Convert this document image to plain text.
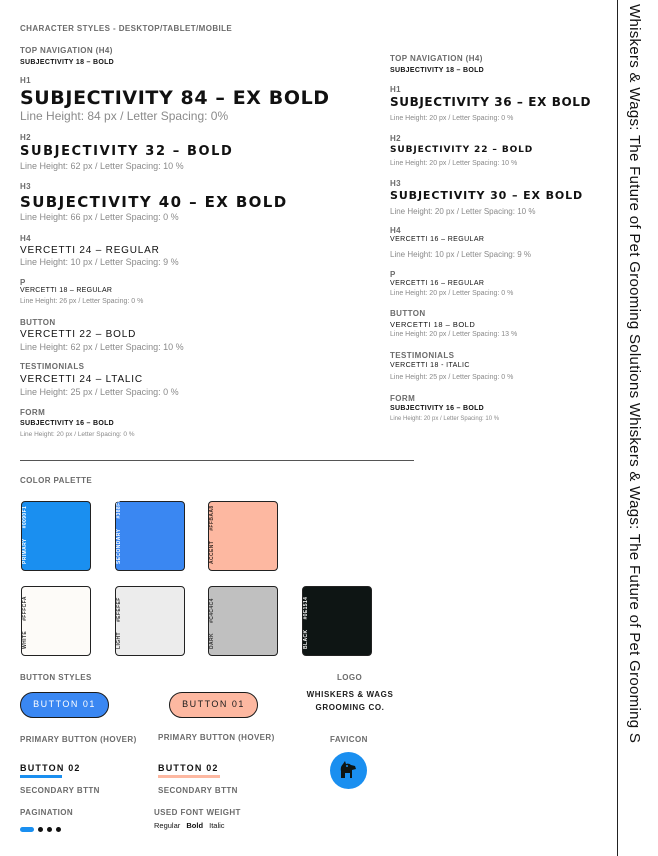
Whiskers & Wags: The Future of Pet Grooming Solutions Whiskers & Wags: The Future of Pet Grooming S
CHARACTER STYLES - DESKTOP/TABLET/MOBILE
TOP NAVIGATION (H4)
SUBJECTIVITY 18 – BOLD
H1
SUBJECTIVITY 84 – EX BOLD
Line Height: 84 px / Letter Spacing: 0%
H2
SUBJECTIVITY 32 – BOLD
Line Height: 62 px / Letter Spacing: 10 %
H3
SUBJECTIVITY 40 – EX BOLD
Line Height: 66 px / Letter Spacing: 0 %
H4
VERCETTI 24 – REGULAR
Line Height: 10 px / Letter Spacing: 9 %
P
VERCETTI 18 – REGULAR
Line Height: 26 px / Letter Spacing: 0 %
BUTTON
VERCETTI 22 – BOLD
Line Height: 62 px / Letter Spacing: 10 %
TESTIMONIALS
VERCETTI 24 – LTALIC
Line Height: 25 px / Letter Spacing: 0 %
FORM
SUBJECTIVITY 16 – BOLD
Line Height: 20 px / Letter Spacing: 0 %
TOP NAVIGATION (H4)
SUBJECTIVITY 18 – BOLD
H1
SUBJECTIVITY 36 – EX BOLD
Line Height: 20 px / Letter Spacing: 0 %
H2
SUBJECTIVITY 22 – BOLD
Line Height: 20 px / Letter Spacing: 10 %
H3
SUBJECTIVITY 30 – EX BOLD
Line Height: 20 px / Letter Spacing: 10 %
H4
VERCETTI 16 – REGULAR
Line Height: 10 px / Letter Spacing: 9 %
P
VERCETTI 16 – REGULAR
Line Height: 20 px / Letter Spacing: 0 %
BUTTON
VERCETTI 18 – BOLD
Line Height: 20 px / Letter Spacing: 13 %
TESTIMONIALS
VERCETTI 18 - ITALIC
Line Height: 25 px / Letter Spacing: 0 %
FORM
SUBJECTIVITY 16 – BOLD
Line Height: 20 px / Letter Spacing: 10 %
COLOR PALETTE
PRIMARY#0090F1
SECONDARY#388FFF
ACCENT#FFBAA8
WHITE#FFFCFA
LIGHT#EFEFEF
DARK#C4C4C4
BLACK#0E1514
BUTTON STYLES
BUTTON 01	BUTTON 01
PRIMARY BUTTON (HOVER)	PRIMARY BUTTON (HOVER)
BUTTON 02	BUTTON 02
SECONDARY BTTN	SECONDARY BTTN
LOGO
WHISKERS & WAGS
GROOMING CO.
FAVICON
PAGINATION	USED FONT WEIGHT
Regular Bold Italic
